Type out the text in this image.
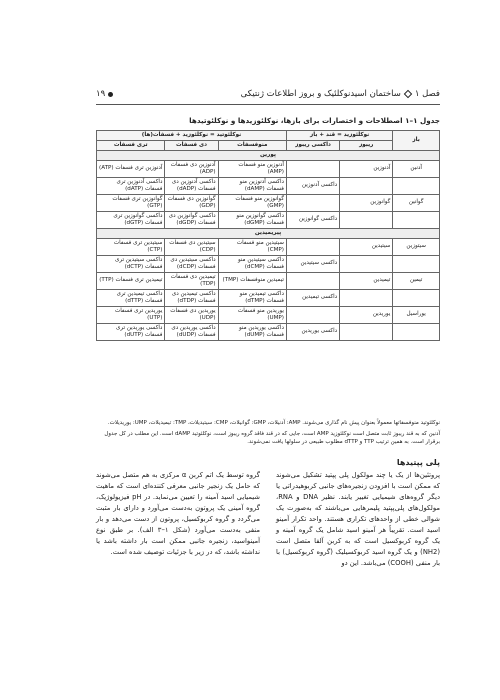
فصل ۱
ساختمان اسیدنوکلئیک و بروز اطلاعات ژنتیکی
۱۹
جدول ۱–۱ اصطلاحات و اختصارات برای بازها، نوکلئوزیدها و نوکلئوتیدها
باز	نوکلئوزید = قند + باز		نوکلئوتید = نوکلئوزید + فسفات(ها)		
	ریبوز	داکسی ریبوز	منوفسفات	دی فسفات	تری فسفات
پورین					
آدنین	آدنوزین		آدنوزین منو فسفات (AMP)	آدنوزین دی فسفات (ADP)	آدنوزین تری فسفات (ATP)
		داکسی آدنوزین	داکسی آدنوزین منو فسفات (dAMP)	داکسی آدنوزین دی فسفات (dADP)	داکسی آدنوزین تری فسفات (dATP)
گوانین	گوانوزین		گوانوزین منو فسفات (GMP)	گوانوزین دی فسفات (GDP)	گوانوزین تری فسفات (GTP)
		داکسی گوانوزین	داکسی گوانوزین منو فسفات (dGMP)	داکسی گوانوزین دی فسفات (dGDP)	داکسی گوانوزین تری فسفات (dGTP)
پیریمیدین					
سیتوزین	سیتیدین		سیتیدین منو فسفات (CMP)	سیتیدین دی فسفات (CDP)	سیتیدین تری فسفات (CTP)
		داکسی سیتیدین	داکسی سیتیدین منو فسفات (dCMP)	داکسی سیتیدین دی فسفات (dCDP)	داکسی سیتیدین تری فسفات (dCTP)
تیمین	تیمیدین		تیمیدین منوفسفات (TMP)	تیمیدین دی فسفات (TDP)	تیمیدین تری فسفات (TTP)
		داکسی تیمیدین	داکسی تیمیدین منو فسفات (dTMP)	داکسی تیمیدین دی فسفات (dTDP)	داکسی تیمیدین تری فسفات (dTTP)
یوراسیل	یوریدین		یوریدین منو فسفات (UMP)	یوریدین دی فسفات (UDP)	یوریدین تری فسفات (UTP)
		داکسی یوریدین	داکسی یوریدین منو فسفات (dUMP)	داکسی یوریدین دی فسفات (dUDP)	داکسی یوریدین تری فسفات (dUTP)

نوکلئوتید منوفسفاتها معمولاً بعنوان پیش نام گذاری می‌شوند. AMP: آدنیلات، GMP: گوانیلات، CMP: سیتیدیلات، TMP: تیمیدیلات، UMP: یوریدیلات.

آدنین که به قند ریبوز ثابت متصل است نوکلئوزید AMP است، جایی که در قند فاقد گروه ریبوز است، نوکلئوتید dAMP است. این مطلب در کل جدول برقرار است. به همین ترتیب TTP و dTTP مطلوب طبیعی در سلولها یافت نمی‌شوند.

پلی پپتیدها

پروتئین‌ها از یک یا چند مولکول پلی پپتید تشکیل می‌شوند که ممکن است با افزودن زنجیره‌های جانبی کربوهیدراتی یا دیگر گروه‌های شیمیایی تغییر یابند. نظیر DNA و RNA، مولکول‌های پلی‌پپتید پلیمرهایی می‌باشند که به‌صورت یک شوالی خطی از واحدهای تکراری هستند. واحد تکرار آمینو اسید است. تقریباً هر آمینو اسید شامل یک گروه آمینه و یک گروه کربوکسیل است که به کربن آلفا متصل است (NH2) و یک گروه اسید کربوکسیلیک (گروه کربوکسیل) با بار منفی (COOH) می‌باشد. این دو

گروه توسط یک اتم کربن α مرکزی به هم متصل می‌شوند که حامل یک زنجیر جانبی معرفی کننده‌ای است که ماهیت شیمیایی اسید آمینه را تعیین می‌نماید. در pH فیزیولوژیک، گروه آمینی یک پروتون به‌دست می‌آورد و دارای بار مثبت می‌گردد و گروه کربوکسیل، پروتون از دست می‌دهد و بار منفی به‌دست می‌آورد (شکل ۱–۳ الف). بر طبق نوع آمینواسید، زنجیره جانبی ممکن است بار داشته باشد یا نداشته باشد، که در زیر با جزئیات توصیف شده است.
